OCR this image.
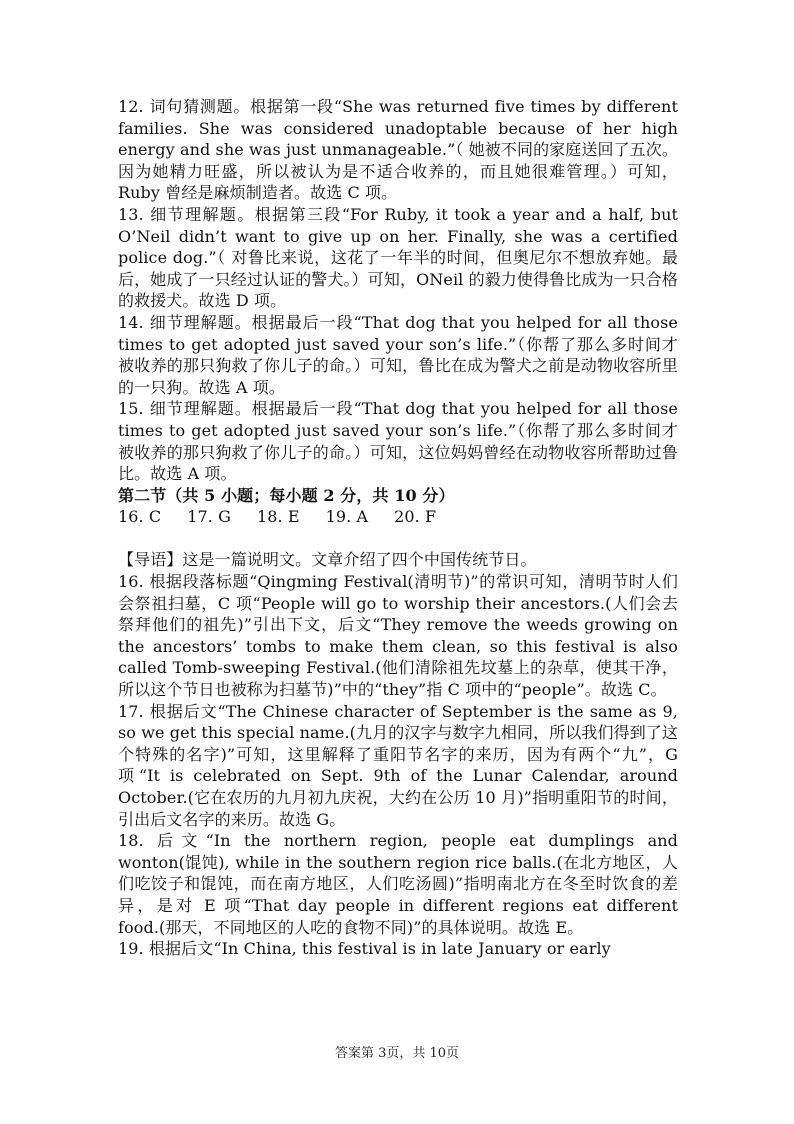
12. 词句猜测题。根据第一段“She was returned five times by different families. She was considered unadoptable because of her high energy and she was just unmanageable.”（ 她被不同的家庭送回了五次。因为她精力旺盛，所以被认为是不适合收养的，而且她很难管理。）可知，Ruby 曾经是麻烦制造者。故选 C 项。

13. 细节理解题。根据第三段“For Ruby, it took a year and a half, but O’Neil didn’t want to give up on her. Finally, she was a certified police dog.”（ 对鲁比来说，这花了一年半的时间，但奥尼尔不想放弃她。最后，她成了一只经过认证的警犬。）可知，ONeil 的毅力使得鲁比成为一只合格的救援犬。故选 D 项。

14. 细节理解题。根据最后一段“That dog that you helped for all those times to get adopted just saved your son’s life.”（你帮了那么多时间才被收养的那只狗救了你儿子的命。）可知，鲁比在成为警犬之前是动物收容所里的一只狗。故选 A 项。

15. 细节理解题。根据最后一段“That dog that you helped for all those times to get adopted just saved your son’s life.”（你帮了那么多时间才被收养的那只狗救了你儿子的命。）可知，这位妈妈曾经在动物收容所帮助过鲁比。故选 A 项。

第二节（共 5 小题；每小题 2 分，共 10 分）

16. C     17. G     18. E     19. A     20. F

【导语】这是一篇说明文。文章介绍了四个中国传统节日。

16. 根据段落标题“Qingming Festival(清明节)”的常识可知，清明节时人们会祭祖扫墓，C 项“People will go to worship their ancestors.(人们会去祭拜他们的祖先)”引出下文，后文“They remove the weeds growing on the ancestors’ tombs to make them clean, so this festival is also called Tomb-sweeping Festival.(他们清除祖先坟墓上的杂草，使其干净，所以这个节日也被称为扫墓节)”中的“they”指 C 项中的“people”。故选 C。

17. 根据后文“The Chinese character of September is the same as 9, so we get this special name.(九月的汉字与数字九相同，所以我们得到了这个特殊的名字)”可知，这里解释了重阳节名字的来历，因为有两个“九”，G 项“It is celebrated on Sept. 9th of the Lunar Calendar, around October.(它在农历的九月初九庆祝，大约在公历 10 月)”指明重阳节的时间，引出后文名字的来历。故选 G。

18. 后文“In the northern region, people eat dumplings and wonton(馄饨), while in the southern region rice balls.(在北方地区，人们吃饺子和馄饨，而在南方地区，人们吃汤圆)”指明南北方在冬至时饮食的差异，是对 E 项“That day people in different regions eat different food.(那天，不同地区的人吃的食物不同)”的具体说明。故选 E。

19. 根据后文“In China, this festival is in late January or early

答案第 3页，共 10页
